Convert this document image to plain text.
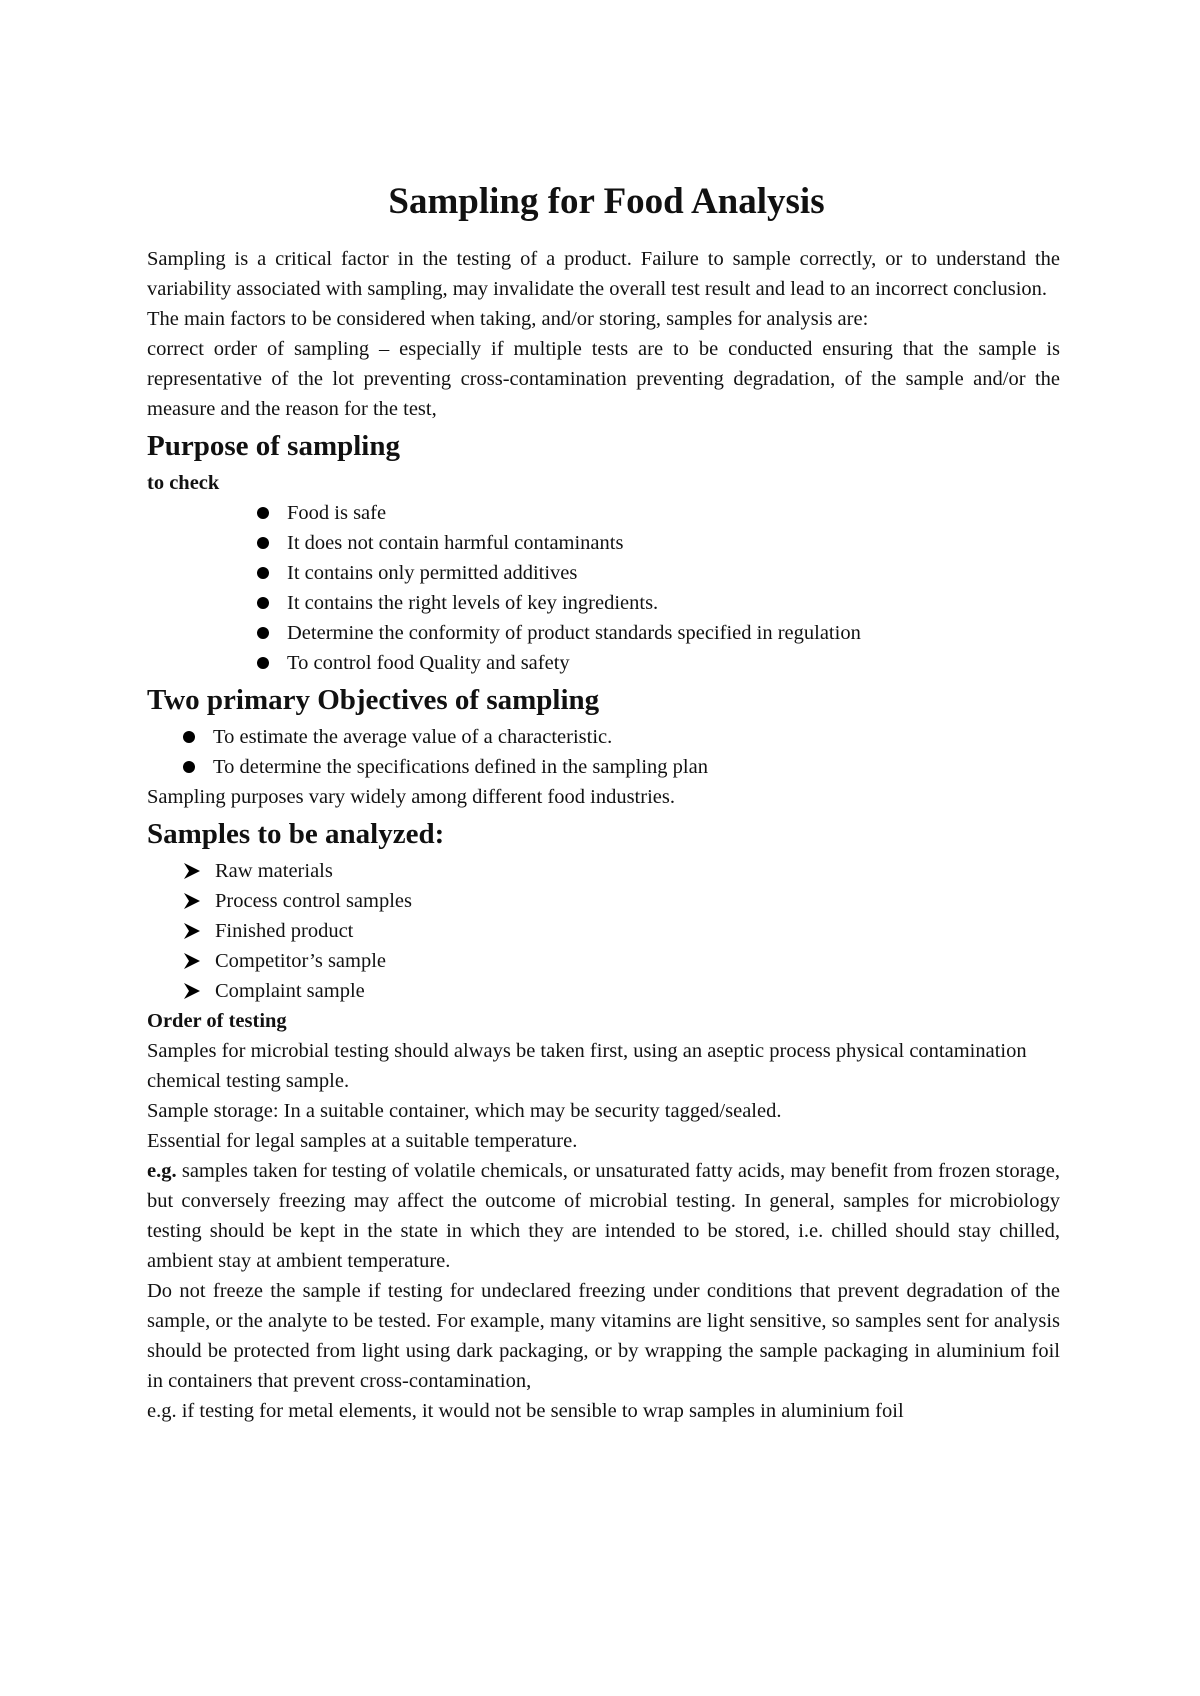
Sampling for Food Analysis

Sampling is a critical factor in the testing of a product. Failure to sample correctly, or to understand the variability associated with sampling, may invalidate the overall test result and lead to an incorrect conclusion.

The main factors to be considered when taking, and/or storing, samples for analysis are:

correct order of sampling – especially if multiple tests are to be conducted ensuring that the sample is representative of the lot preventing cross-contamination preventing degradation, of the sample and/or the measure and the reason for the test,

Purpose of sampling
to check
Food is safe
It does not contain harmful contaminants
It contains only permitted additives
It contains the right levels of key ingredients.
Determine the conformity of product standards specified in regulation
To control food Quality and safety
Two primary Objectives of sampling
To estimate the average value of a characteristic.
To determine the specifications defined in the sampling plan

Sampling purposes vary widely among different food industries.

Samples to be analyzed:
Raw materials
Process control samples
Finished product
Competitor’s sample
Complaint sample
Order of testing

Samples for microbial testing should always be taken first, using an aseptic process physical contamination chemical testing sample.

Sample storage: In a suitable container, which may be security tagged/sealed.

Essential for legal samples at a suitable temperature.

e.g. samples taken for testing of volatile chemicals, or unsaturated fatty acids, may benefit from frozen storage, but conversely freezing may affect the outcome of microbial testing. In general, samples for microbiology testing should be kept in the state in which they are intended to be stored, i.e. chilled should stay chilled, ambient stay at ambient temperature.

Do not freeze the sample if testing for undeclared freezing under conditions that prevent degradation of the sample, or the analyte to be tested. For example, many vitamins are light sensitive, so samples sent for analysis should be protected from light using dark packaging, or by wrapping the sample packaging in aluminium foil in containers that prevent cross-contamination,

e.g. if testing for metal elements, it would not be sensible to wrap samples in aluminium foil
